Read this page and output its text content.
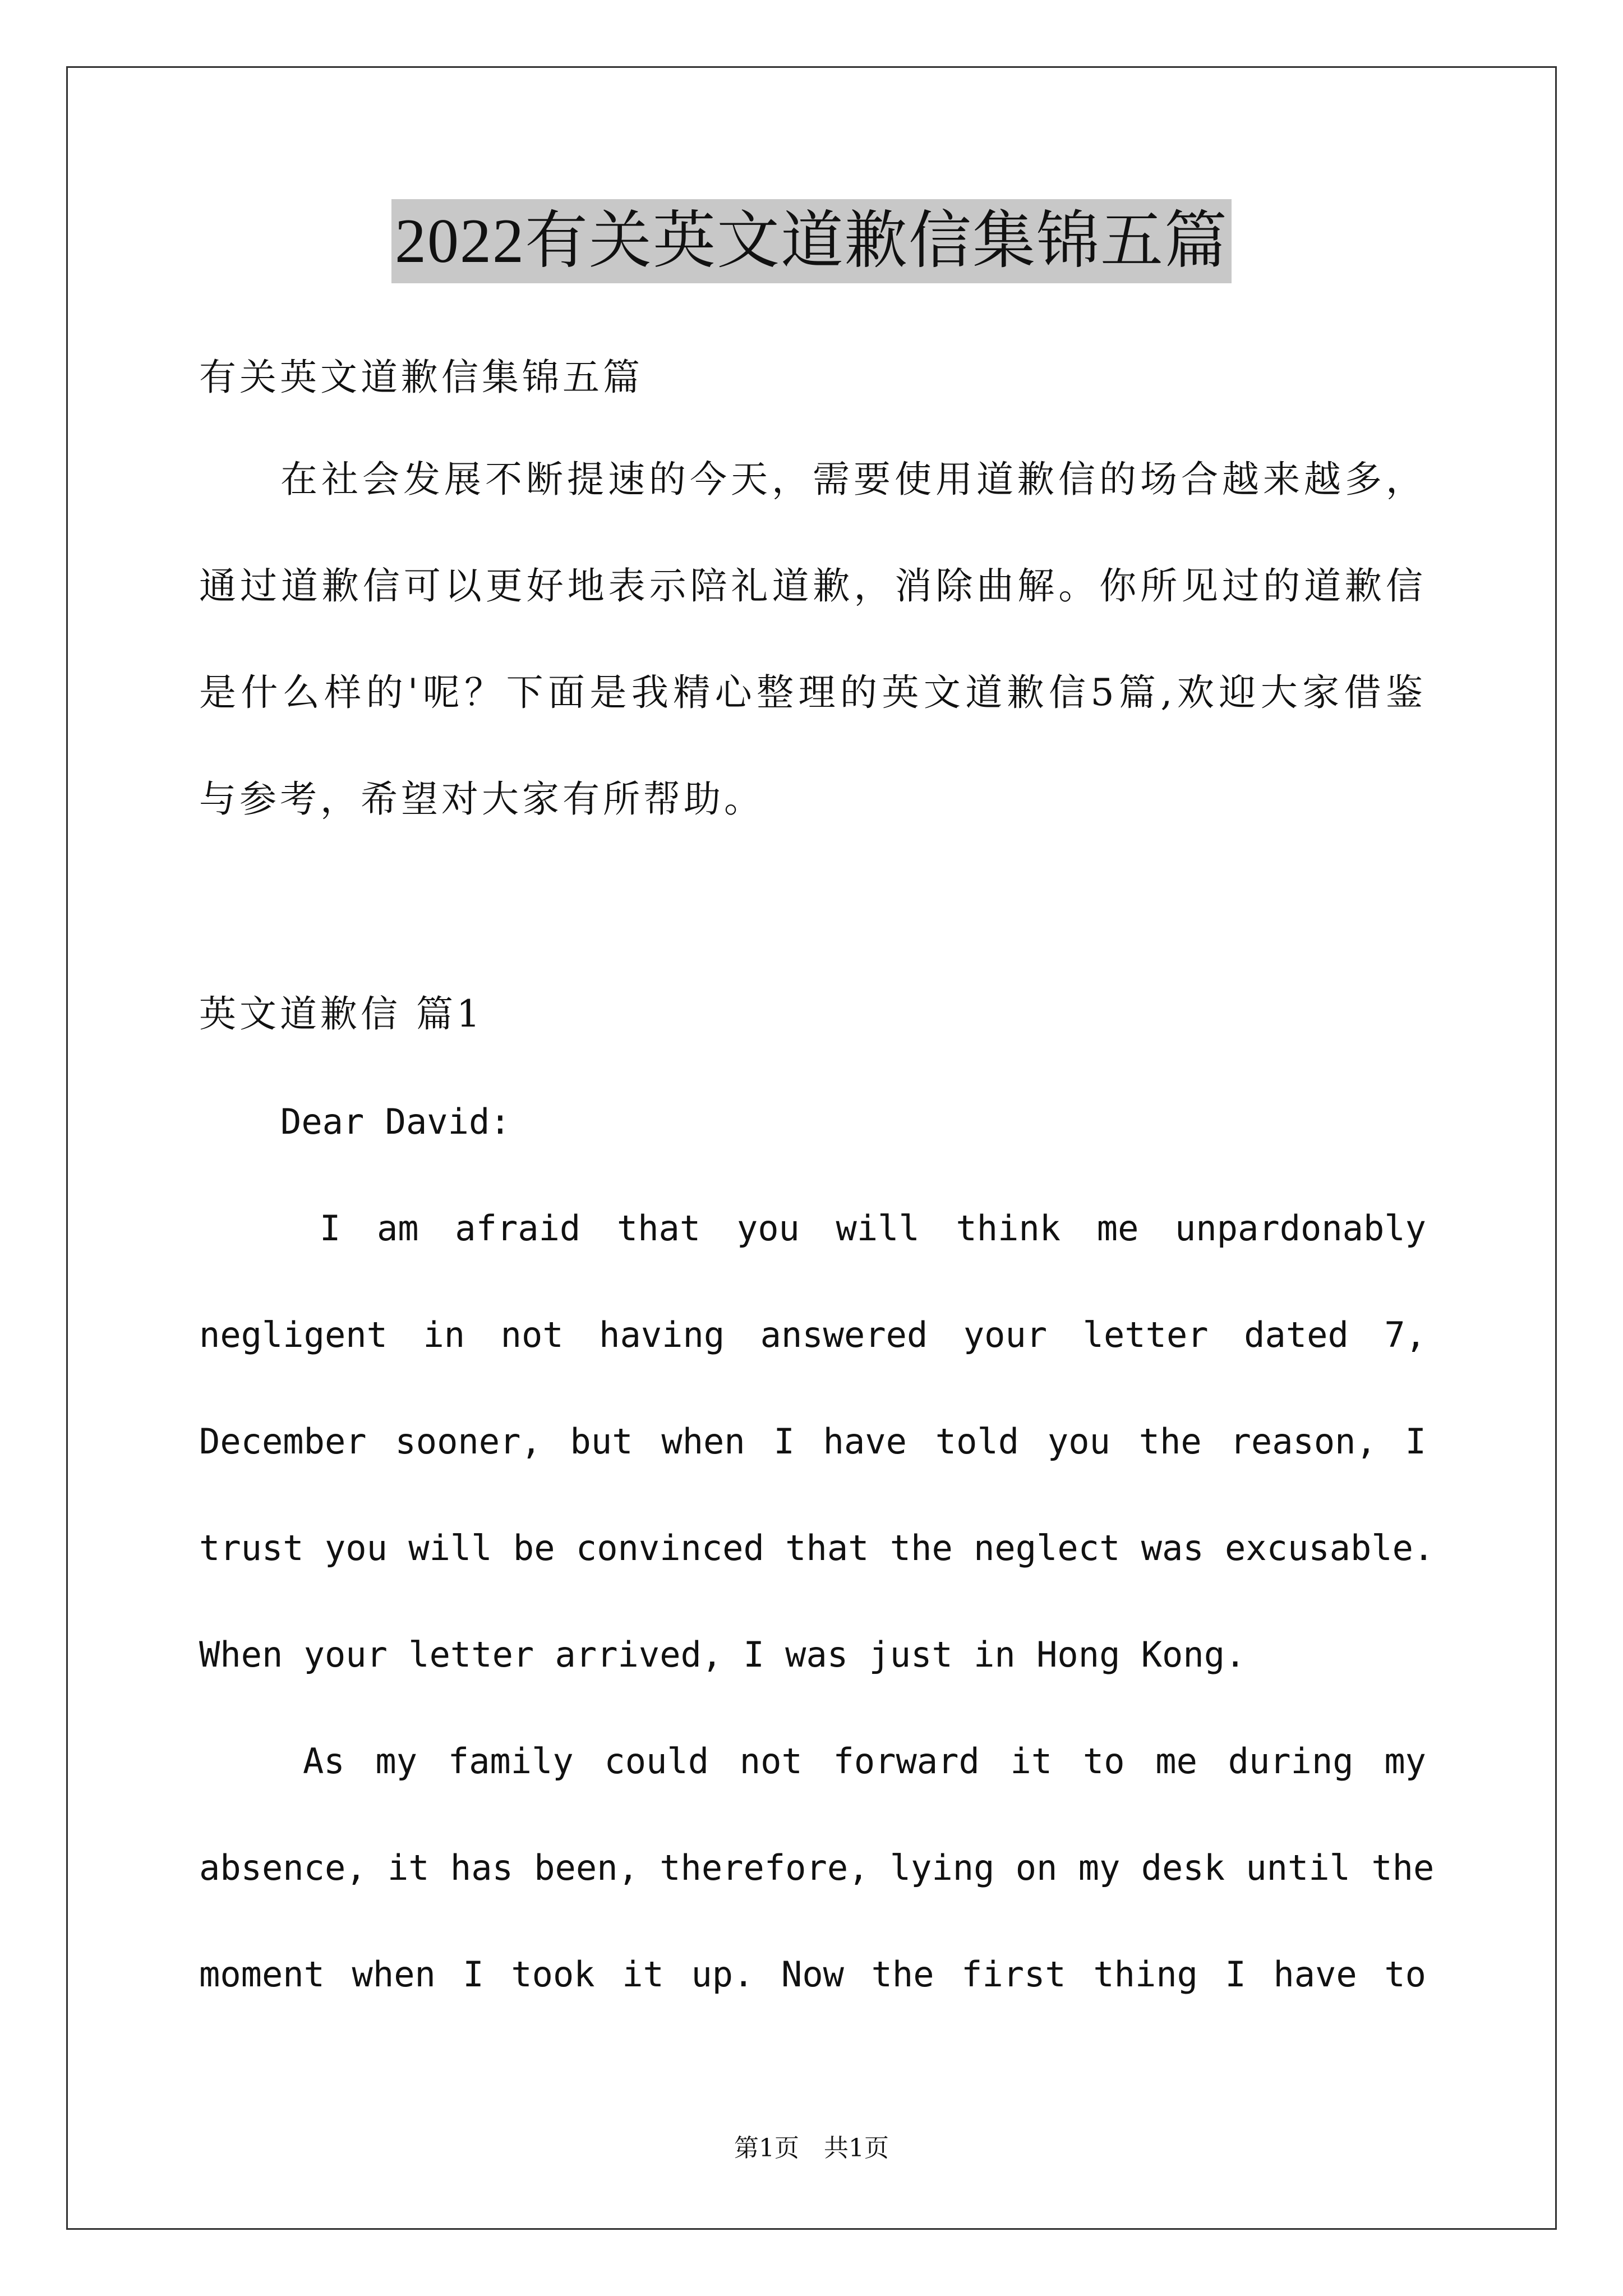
2022有关英文道歉信集锦五篇
有关英文道歉信集锦五篇
在社会发展不断提速的今天，需要使用道歉信的场合越来越多，
通过道歉信可以更好地表示陪礼道歉，消除曲解。你所见过的道歉信
是什么样的'呢？下面是我精心整理的英文道歉信5篇,欢迎大家借鉴
与参考，希望对大家有所帮助。
英文道歉信 篇1
Dear David:
I am afraid that you will think me unpardonably
negligent in not having answered your letter dated 7,
December sooner, but when I have told you the reason, I
trust you will be convinced that the neglect was excusable.
When your letter arrived, I was just in Hong Kong.
As my family could not forward it to me during my
absence, it has been, therefore, lying on my desk until the
moment when I took it up. Now the first thing I have to
第1页　共1页
